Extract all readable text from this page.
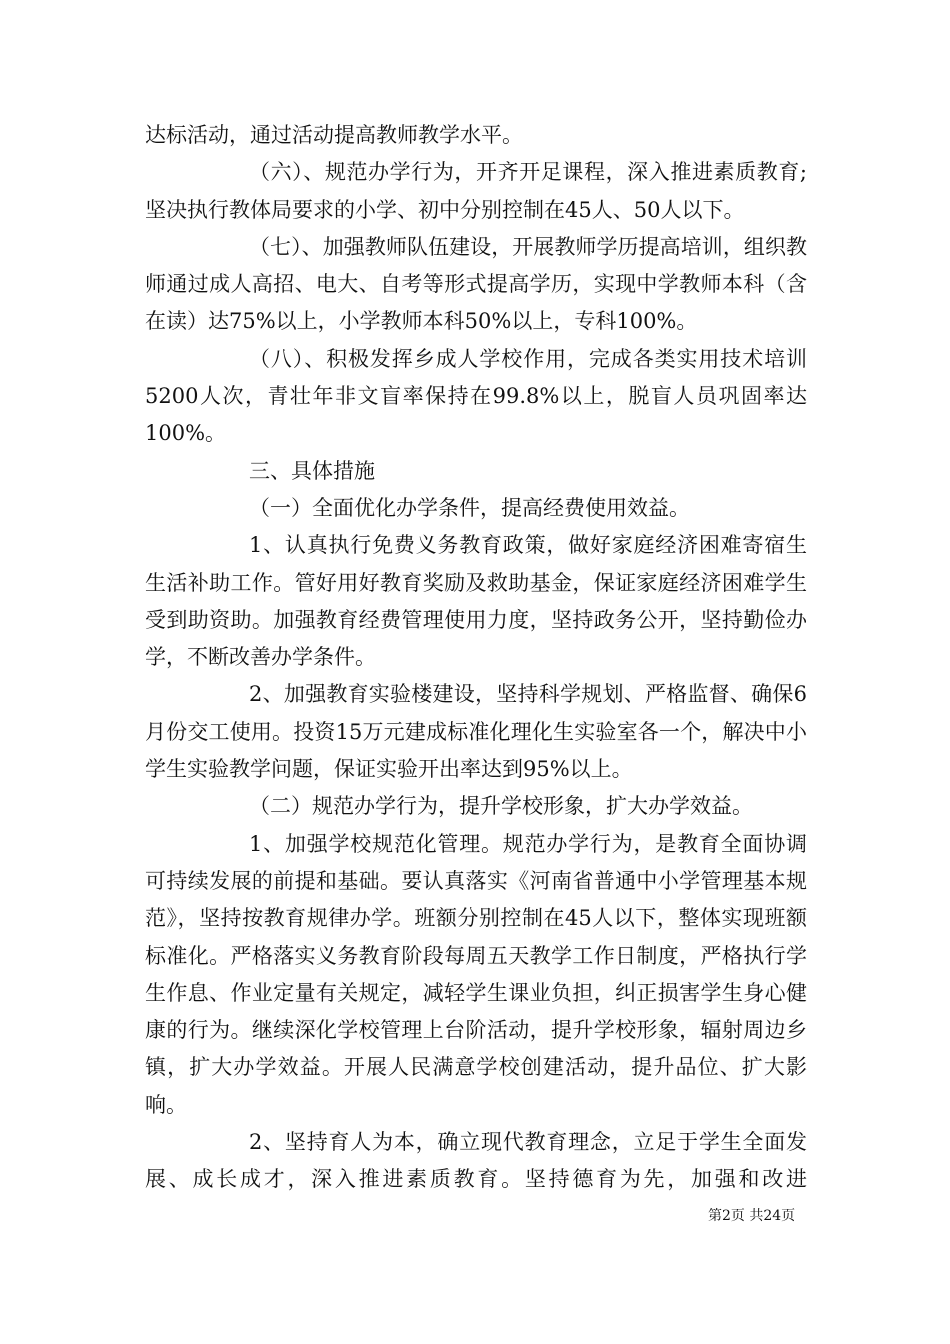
达标活动，通过活动提高教师教学水平。

（六）、规范办学行为，开齐开足课程，深入推进素质教育;坚决执行教体局要求的小学、初中分别控制在45人、50人以下。

（七）、加强教师队伍建设，开展教师学历提高培训，组织教师通过成人高招、电大、自考等形式提高学历，实现中学教师本科（含在读）达75%以上，小学教师本科50%以上，专科100%。

（八）、积极发挥乡成人学校作用，完成各类实用技术培训5200人次，青壮年非文盲率保持在99.8%以上，脱盲人员巩固率达100%。

三、具体措施

（一）全面优化办学条件，提高经费使用效益。

1、认真执行免费义务教育政策，做好家庭经济困难寄宿生生活补助工作。管好用好教育奖励及救助基金，保证家庭经济困难学生受到助资助。加强教育经费管理使用力度，坚持政务公开，坚持勤俭办学，不断改善办学条件。

2、加强教育实验楼建设，坚持科学规划、严格监督、确保6月份交工使用。投资15万元建成标准化理化生实验室各一个，解决中小学生实验教学问题，保证实验开出率达到95%以上。

（二）规范办学行为，提升学校形象，扩大办学效益。

1、加强学校规范化管理。规范办学行为，是教育全面协调可持续发展的前提和基础。要认真落实《河南省普通中小学管理基本规范》，坚持按教育规律办学。班额分别控制在45人以下，整体实现班额标准化。严格落实义务教育阶段每周五天教学工作日制度，严格执行学生作息、作业定量有关规定，减轻学生课业负担，纠正损害学生身心健康的行为。继续深化学校管理上台阶活动，提升学校形象，辐射周边乡镇，扩大办学效益。开展人民满意学校创建活动，提升品位、扩大影响。

2、坚持育人为本，确立现代教育理念，立足于学生全面发展、成长成才，深入推进素质教育。坚持德育为先，加强和改进

第2页 共24页
